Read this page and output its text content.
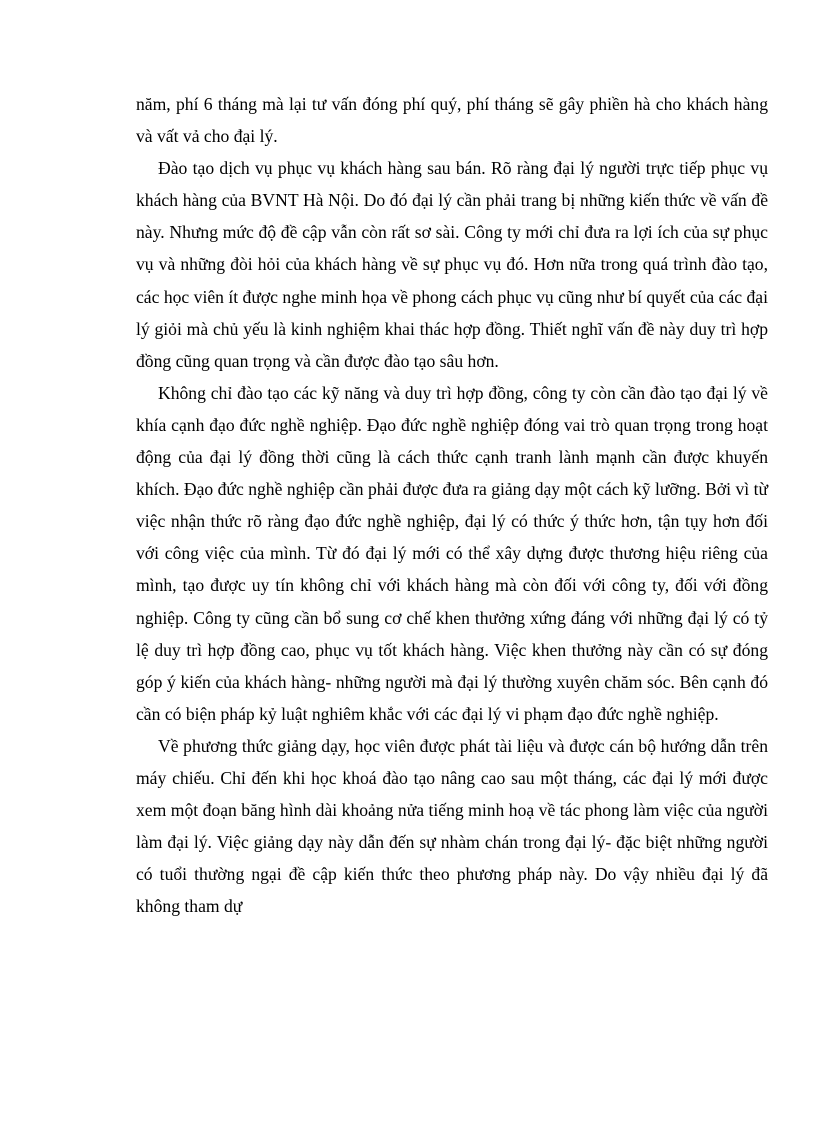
năm, phí 6 tháng mà lại tư vấn đóng phí quý, phí tháng sẽ gây phiền hà cho khách hàng và vất vả cho đại lý.

Đào tạo dịch vụ phục vụ khách hàng sau bán. Rõ ràng đại lý người trực tiếp phục vụ khách hàng của BVNT Hà Nội. Do đó đại lý cần phải trang bị những kiến thức về vấn đề này. Nhưng mức độ đề cập vẫn còn rất sơ sài. Công ty mới chỉ đưa ra lợi ích của sự phục vụ và những đòi hỏi của khách hàng về sự phục vụ đó. Hơn nữa trong quá trình đào tạo, các học viên ít được nghe minh họa về phong cách phục vụ cũng như bí quyết của các đại lý giỏi mà chủ yếu là kinh nghiệm khai thác hợp đồng. Thiết nghĩ vấn đề này duy trì hợp đồng cũng quan trọng và cần được đào tạo sâu hơn.

Không chỉ đào tạo các kỹ năng và duy trì hợp đồng, công ty còn cần đào tạo đại lý về khía cạnh đạo đức nghề nghiệp. Đạo đức nghề nghiệp đóng vai trò quan trọng trong hoạt động của đại lý đồng thời cũng là cách thức cạnh tranh lành mạnh cần được khuyến khích. Đạo đức nghề nghiệp cần phải được đưa ra giảng dạy một cách kỹ lưỡng. Bởi vì từ việc nhận thức rõ ràng đạo đức nghề nghiệp, đại lý có thức ý thức hơn, tận tụy hơn đối với công việc của mình. Từ đó đại lý mới có thể xây dựng được thương hiệu riêng của mình, tạo được uy tín không chỉ với khách hàng mà còn đối với công ty, đối với đồng nghiệp. Công ty cũng cần bổ sung cơ chế khen thưởng xứng đáng với những đại lý có tỷ lệ duy trì hợp đồng cao, phục vụ tốt khách hàng. Việc khen thưởng này cần có sự đóng góp ý kiến của khách hàng- những người mà đại lý thường xuyên chăm sóc. Bên cạnh đó cần có biện pháp kỷ luật nghiêm khắc với các đại lý vi phạm đạo đức nghề nghiệp.

Về phương thức giảng dạy, học viên được phát tài liệu và được cán bộ hướng dẫn trên máy chiếu. Chỉ đến khi học khoá đào tạo nâng cao sau một tháng, các đại lý mới được xem một đoạn băng hình dài khoảng nửa tiếng minh hoạ về tác phong làm việc của người làm đại lý. Việc giảng dạy này dẫn đến sự nhàm chán trong đại lý- đặc biệt những người có tuổi thường ngại đề cập kiến thức theo phương pháp này. Do vậy nhiều đại lý đã không tham dự
